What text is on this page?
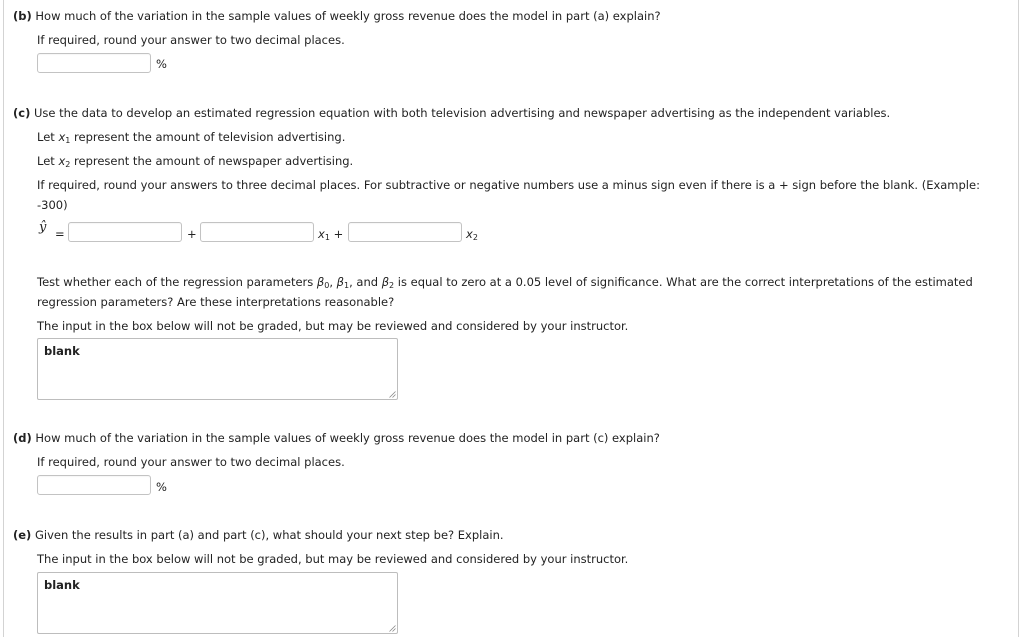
(b) How much of the variation in the sample values of weekly gross revenue does the model in part (a) explain?
If required, round your answer to two decimal places.
%
(c) Use the data to develop an estimated regression equation with both television advertising and newspaper advertising as the independent variables.
Let $x_1$ represent the amount of television advertising.
Let $x_2$ represent the amount of newspaper advertising.
If required, round your answers to three decimal places. For subtractive or negative numbers use a minus sign even if there is a + sign before the blank. (Example:
-300)
ŷ =	+	$x_1$ +	$x_2$
Test whether each of the regression parameters $\beta_0$, $\beta_1$, and $\beta_2$ is equal to zero at a 0.05 level of significance. What are the correct interpretations of the estimated
regression parameters? Are these interpretations reasonable?
The input in the box below will not be graded, but may be reviewed and considered by your instructor.
blank
(d) How much of the variation in the sample values of weekly gross revenue does the model in part (c) explain?
If required, round your answer to two decimal places.
%
(e) Given the results in part (a) and part (c), what should your next step be? Explain.
The input in the box below will not be graded, but may be reviewed and considered by your instructor.
blank
